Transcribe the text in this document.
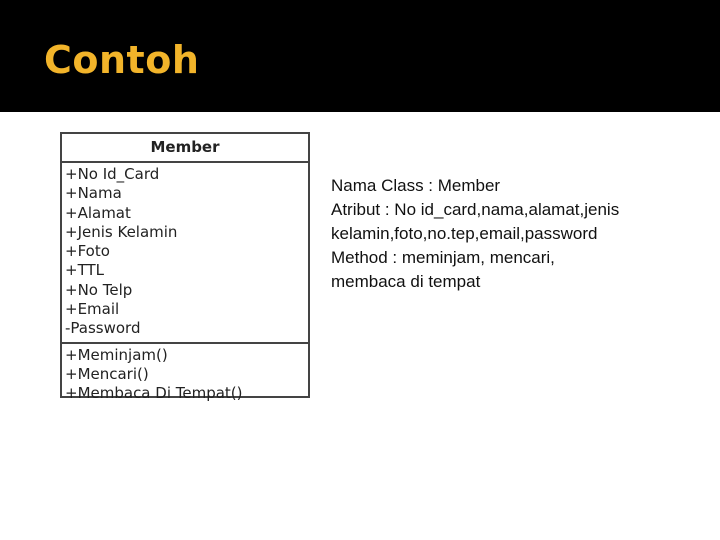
Contoh
Member
+No Id_Card
+Nama
+Alamat
+Jenis Kelamin
+Foto
+TTL
+No Telp
+Email
-Password
+Meminjam()
+Mencari()
+Membaca Di Tempat()
Nama Class : Member
Atribut : No id_card,nama,alamat,jenis
kelamin,foto,no.tep,email,password
Method : meminjam, mencari,
membaca di tempat
